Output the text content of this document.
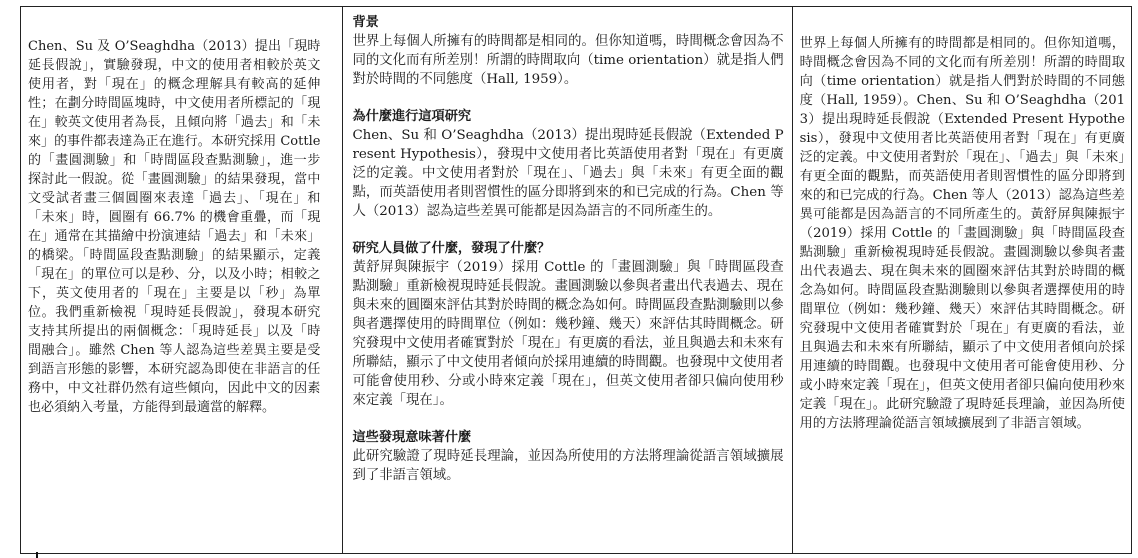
Chen、Su 及 O’Seaghdha（2013）提出「現時延長假說」，實驗發現，中文的使用者相較於英文使用者，對「現在」的概念理解具有較高的延伸性；在劃分時間區塊時，中文使用者所標記的「現在」較英文使用者為長，且傾向將「過去」和「未來」的事件都表達為正在進行。本研究採用 Cottle 的「畫圓測驗」和「時間區段查點測驗」，進一步探討此一假說。從「畫圓測驗」的結果發現，當中文受試者畫三個圓圈來表達「過去」、「現在」和「未來」時，圓圈有 66.7% 的機會重疊，而「現在」通常在其描繪中扮演連結「過去」和「未來」的橋梁。「時間區段查點測驗」的結果顯示，定義「現在」的單位可以是秒、分，以及小時；相較之下，英文使用者的「現在」主要是以「秒」為單位。我們重新檢視「現時延長假說」，發現本研究支持其所提出的兩個概念：「現時延長」以及「時間融合」。雖然 Chen 等人認為這些差異主要是受到語言形態的影響，本研究認為即使在非語言的任務中，中文社群仍然有這些傾向，因此中文的因素也必須納入考量，方能得到最適當的解釋。

背景

世界上每個人所擁有的時間都是相同的。但你知道嗎，時間概念會因為不同的文化而有所差別！所謂的時間取向（time orientation）就是指人們對於時間的不同態度（Hall, 1959）。

為什麼進行這項研究

Chen、Su 和 O’Seaghdha（2013）提出現時延長假說（Extended Present Hypothesis），發現中文使用者比英語使用者對「現在」有更廣泛的定義。中文使用者對於「現在」、「過去」與「未來」有更全面的觀點，而英語使用者則習慣性的區分即將到來的和已完成的行為。Chen 等人（2013）認為這些差異可能都是因為語言的不同所產生的。

研究人員做了什麼，發現了什麼？

黃舒屏與陳振宇（2019）採用 Cottle 的「畫圓測驗」與「時間區段查點測驗」重新檢視現時延長假說。畫圓測驗以參與者畫出代表過去、現在與未來的圓圈來評估其對於時間的概念為如何。時間區段查點測驗則以參與者選擇使用的時間單位（例如：幾秒鐘、幾天）來評估其時間概念。研究發現中文使用者確實對於「現在」有更廣的看法，並且與過去和未來有所聯結，顯示了中文使用者傾向於採用連續的時間觀。也發現中文使用者可能會使用秒、分或小時來定義「現在」，但英文使用者卻只偏向使用秒來定義「現在」。

這些發現意味著什麼

此研究驗證了現時延長理論，並因為所使用的方法將理論從語言領域擴展到了非語言領域。

世界上每個人所擁有的時間都是相同的。但你知道嗎，時間概念會因為不同的文化而有所差別！所謂的時間取向（time orientation）就是指人們對於時間的不同態度（Hall, 1959）。Chen、Su 和 O’Seaghdha（2013）提出現時延長假說（Extended Present Hypothesis），發現中文使用者比英語使用者對「現在」有更廣泛的定義。中文使用者對於「現在」、「過去」與「未來」有更全面的觀點，而英語使用者則習慣性的區分即將到來的和已完成的行為。Chen 等人（2013）認為這些差異可能都是因為語言的不同所產生的。黃舒屏與陳振宇（2019）採用 Cottle 的「畫圓測驗」與「時間區段查點測驗」重新檢視現時延長假說。畫圓測驗以參與者畫出代表過去、現在與未來的圓圈來評估其對於時間的概念為如何。時間區段查點測驗則以參與者選擇使用的時間單位（例如：幾秒鐘、幾天）來評估其時間概念。研究發現中文使用者確實對於「現在」有更廣的看法，並且與過去和未來有所聯結，顯示了中文使用者傾向於採用連續的時間觀。也發現中文使用者可能會使用秒、分或小時來定義「現在」，但英文使用者卻只偏向使用秒來定義「現在」。此研究驗證了現時延長理論，並因為所使用的方法將理論從語言領域擴展到了非語言領域。
